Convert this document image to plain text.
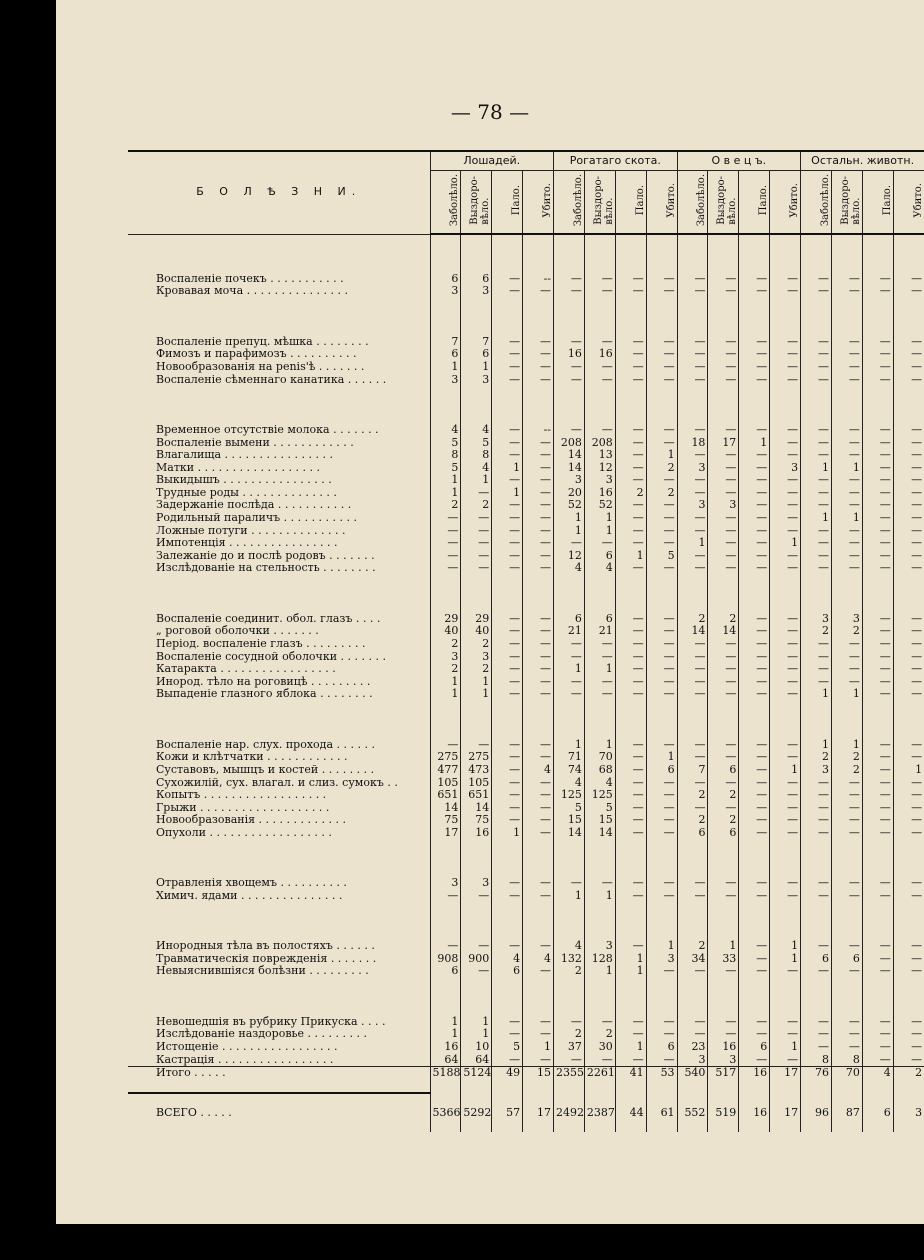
— 78 —
Б О Л Ѣ З Н И.	Лошадей.				Рогатаго скота.				О в е ц ъ.				Остальн. животн.			
	Заболѣло.	Выздоро-
вѣло.	Пало.	Убито.	Заболѣло.	Выздоро-
вѣло.	Пало.	Убито.	Заболѣло.	Выздоро-
вѣло.	Пало.	Убито.	Заболѣло.	Выздоро-
вѣло.	Пало.	Убито.

Воспаленіе почекъ . . . . . . . . . . .	6	6	—	--	—	—	—	—	—	—	—	—	—	—	—	—
Кровавая моча . . . . . . . . . . . . . . .	3	3	—	—	—	—	—	—	—	—	—	—	—	—	—	—

Воспаленіе препуц. мѣшка . . . . . . . .	7	7	—	—	—	—	—	—	—	—	—	—	—	—	—	—
Фимозъ и парафимозъ . . . . . . . . . .	6	6	—	—	16	16	—	—	—	—	—	—	—	—	—	—
Новообразованія на penis'ѣ . . . . . . .	1	1	—	—	—	—	—	—	—	—	—	—	—	—	—	—
Воспаленіе сѣменнаго канатика . . . . . .	3	3	—	—	—	—	—	—	—	—	—	—	—	—	—	—

Временное отсутствіе молока . . . . . . .	4	4	—	--	—	—	—	—	—	—	—	—	—	—	—	—
Воспаленіе вымени . . . . . . . . . . . .	5	5	—	—	208	208	—	—	18	17	1	—	—	—	—	—
Влагалища . . . . . . . . . . . . . . . .	8	8	—	—	14	13	—	1	—	—	—	—	—	—	—	—
Матки . . . . . . . . . . . . . . . . . .	5	4	1	—	14	12	—	2	3	—	—	3	1	1	—	—
Выкидышъ . . . . . . . . . . . . . . . .	1	1	—	—	3	3	—	—	—	—	—	—	—	—	—	—
Трудные роды . . . . . . . . . . . . . .	1	—	1	—	20	16	2	2	—	—	—	—	—	—	—	—
Задержаніе послѣда . . . . . . . . . . .	2	2	—	—	52	52	—	—	3	3	—	—	—	—	—	—
Родильный параличъ . . . . . . . . . . .	—	—	—	—	1	1	—	—	—	—	—	—	1	1	—	—
Ложные потуги . . . . . . . . . . . . . .	—	—	—	—	1	1	—	—	—	—	—	—	—	—	—	—
Импотенція . . . . . . . . . . . . . . . .	—	—	—	—	—	—	—	—	1	—	—	1	—	—	—	—
Залежаніе до и послѣ родовъ . . . . . . .	—	—	—	—	12	6	1	5	—	—	—	—	—	—	—	—
Изслѣдованіе на стельность . . . . . . . .	—	—	—	—	4	4	—	—	—	—	—	—	—	—	—	—

Воспаленіе соединит. обол. глазъ . . . .	29	29	—	—	6	6	—	—	2	2	—	—	3	3	—	—
„ роговой оболочки . . . . . . .	40	40	—	—	21	21	—	—	14	14	—	—	2	2	—	—
Період. воспаленіе глазъ . . . . . . . . .	2	2	—	—	—	—	—	—	—	—	—	—	—	—	—	—
Воспаленіе сосудной оболочки . . . . . . .	3	3	—	—	—	—	—	—	—	—	—	—	—	—	—	—
Катаракта . . . . . . . . . . . . . . . . .	2	2	—	—	1	1	—	—	—	—	—	—	—	—	—	—
Инород. тѣло на роговицѣ . . . . . . . . .	1	1	—	—	—	—	—	—	—	—	—	—	—	—	—	—
Выпаденіе глазного яблока . . . . . . . .	1	1	—	—	—	—	—	—	—	—	—	—	1	1	—	—

Воспаленіе нар. слух. прохода . . . . . .	—	—	—	—	1	1	—	—	—	—	—	—	1	1	—	—
Кожи и клѣтчатки . . . . . . . . . . . .	275	275	—	—	71	70	—	1	—	—	—	—	2	2	—	—
Суставовъ, мышцъ и костей . . . . . . . .	477	473	—	4	74	68	—	6	7	6	—	1	3	2	—	1
Сухожилій, сух. влагал. и слиз. сумокъ . .	105	105	—	—	4	4	—	—	—	—	—	—	—	—	—	—
Копытъ . . . . . . . . . . . . . . . . . .	651	651	—	—	125	125	—	—	2	2	—	—	—	—	—	—
Грыжи . . . . . . . . . . . . . . . . . . .	14	14	—	—	5	5	—	—	—	—	—	—	—	—	—	—
Новообразованія . . . . . . . . . . . . .	75	75	—	—	15	15	—	—	2	2	—	—	—	—	—	—
Опухоли . . . . . . . . . . . . . . . . . .	17	16	1	—	14	14	—	—	6	6	—	—	—	—	—	—

Отравленія хвощемъ . . . . . . . . . .	3	3	—	—	—	—	—	—	—	—	—	—	—	—	—	—
Химич. ядами . . . . . . . . . . . . . . .	—	—	—	—	1	1	—	—	—	—	—	—	—	—	—	—

Инородныя тѣла въ полостяхъ . . . . . .	—	—	—	—	4	3	—	1	2	1	—	1	—	—	—	—
Травматическія поврежденія . . . . . . .	908	900	4	4	132	128	1	3	34	33	—	1	6	6	—	—
Невыяснившіяся болѣзни . . . . . . . . .	6	—	6	—	2	1	1	—	—	—	—	—	—	—	—	—

Невошедшія въ рубрику Прикуска . . . .	1	1	—	—	—	—	—	—	—	—	—	—	—	—	—	—
Изслѣдованіе наздоровье . . . . . . . . .	1	1	—	—	2	2	—	—	—	—	—	—	—	—	—	—
Истощеніе . . . . . . . . . . . . . . . . .	16	10	5	1	37	30	1	6	23	16	6	1	—	—	—	—
Кастрація . . . . . . . . . . . . . . . . .	64	64	—	—	—	—	—	—	3	3	—	—	8	8	—	—
Итого . . . . .	5188	5124	49	15	2355	2261	41	53	540	517	16	17	76	70	4	2

ВСЕГО . . . . .	5366	5292	57	17	2492	2387	44	61	552	519	16	17	96	87	6	3
